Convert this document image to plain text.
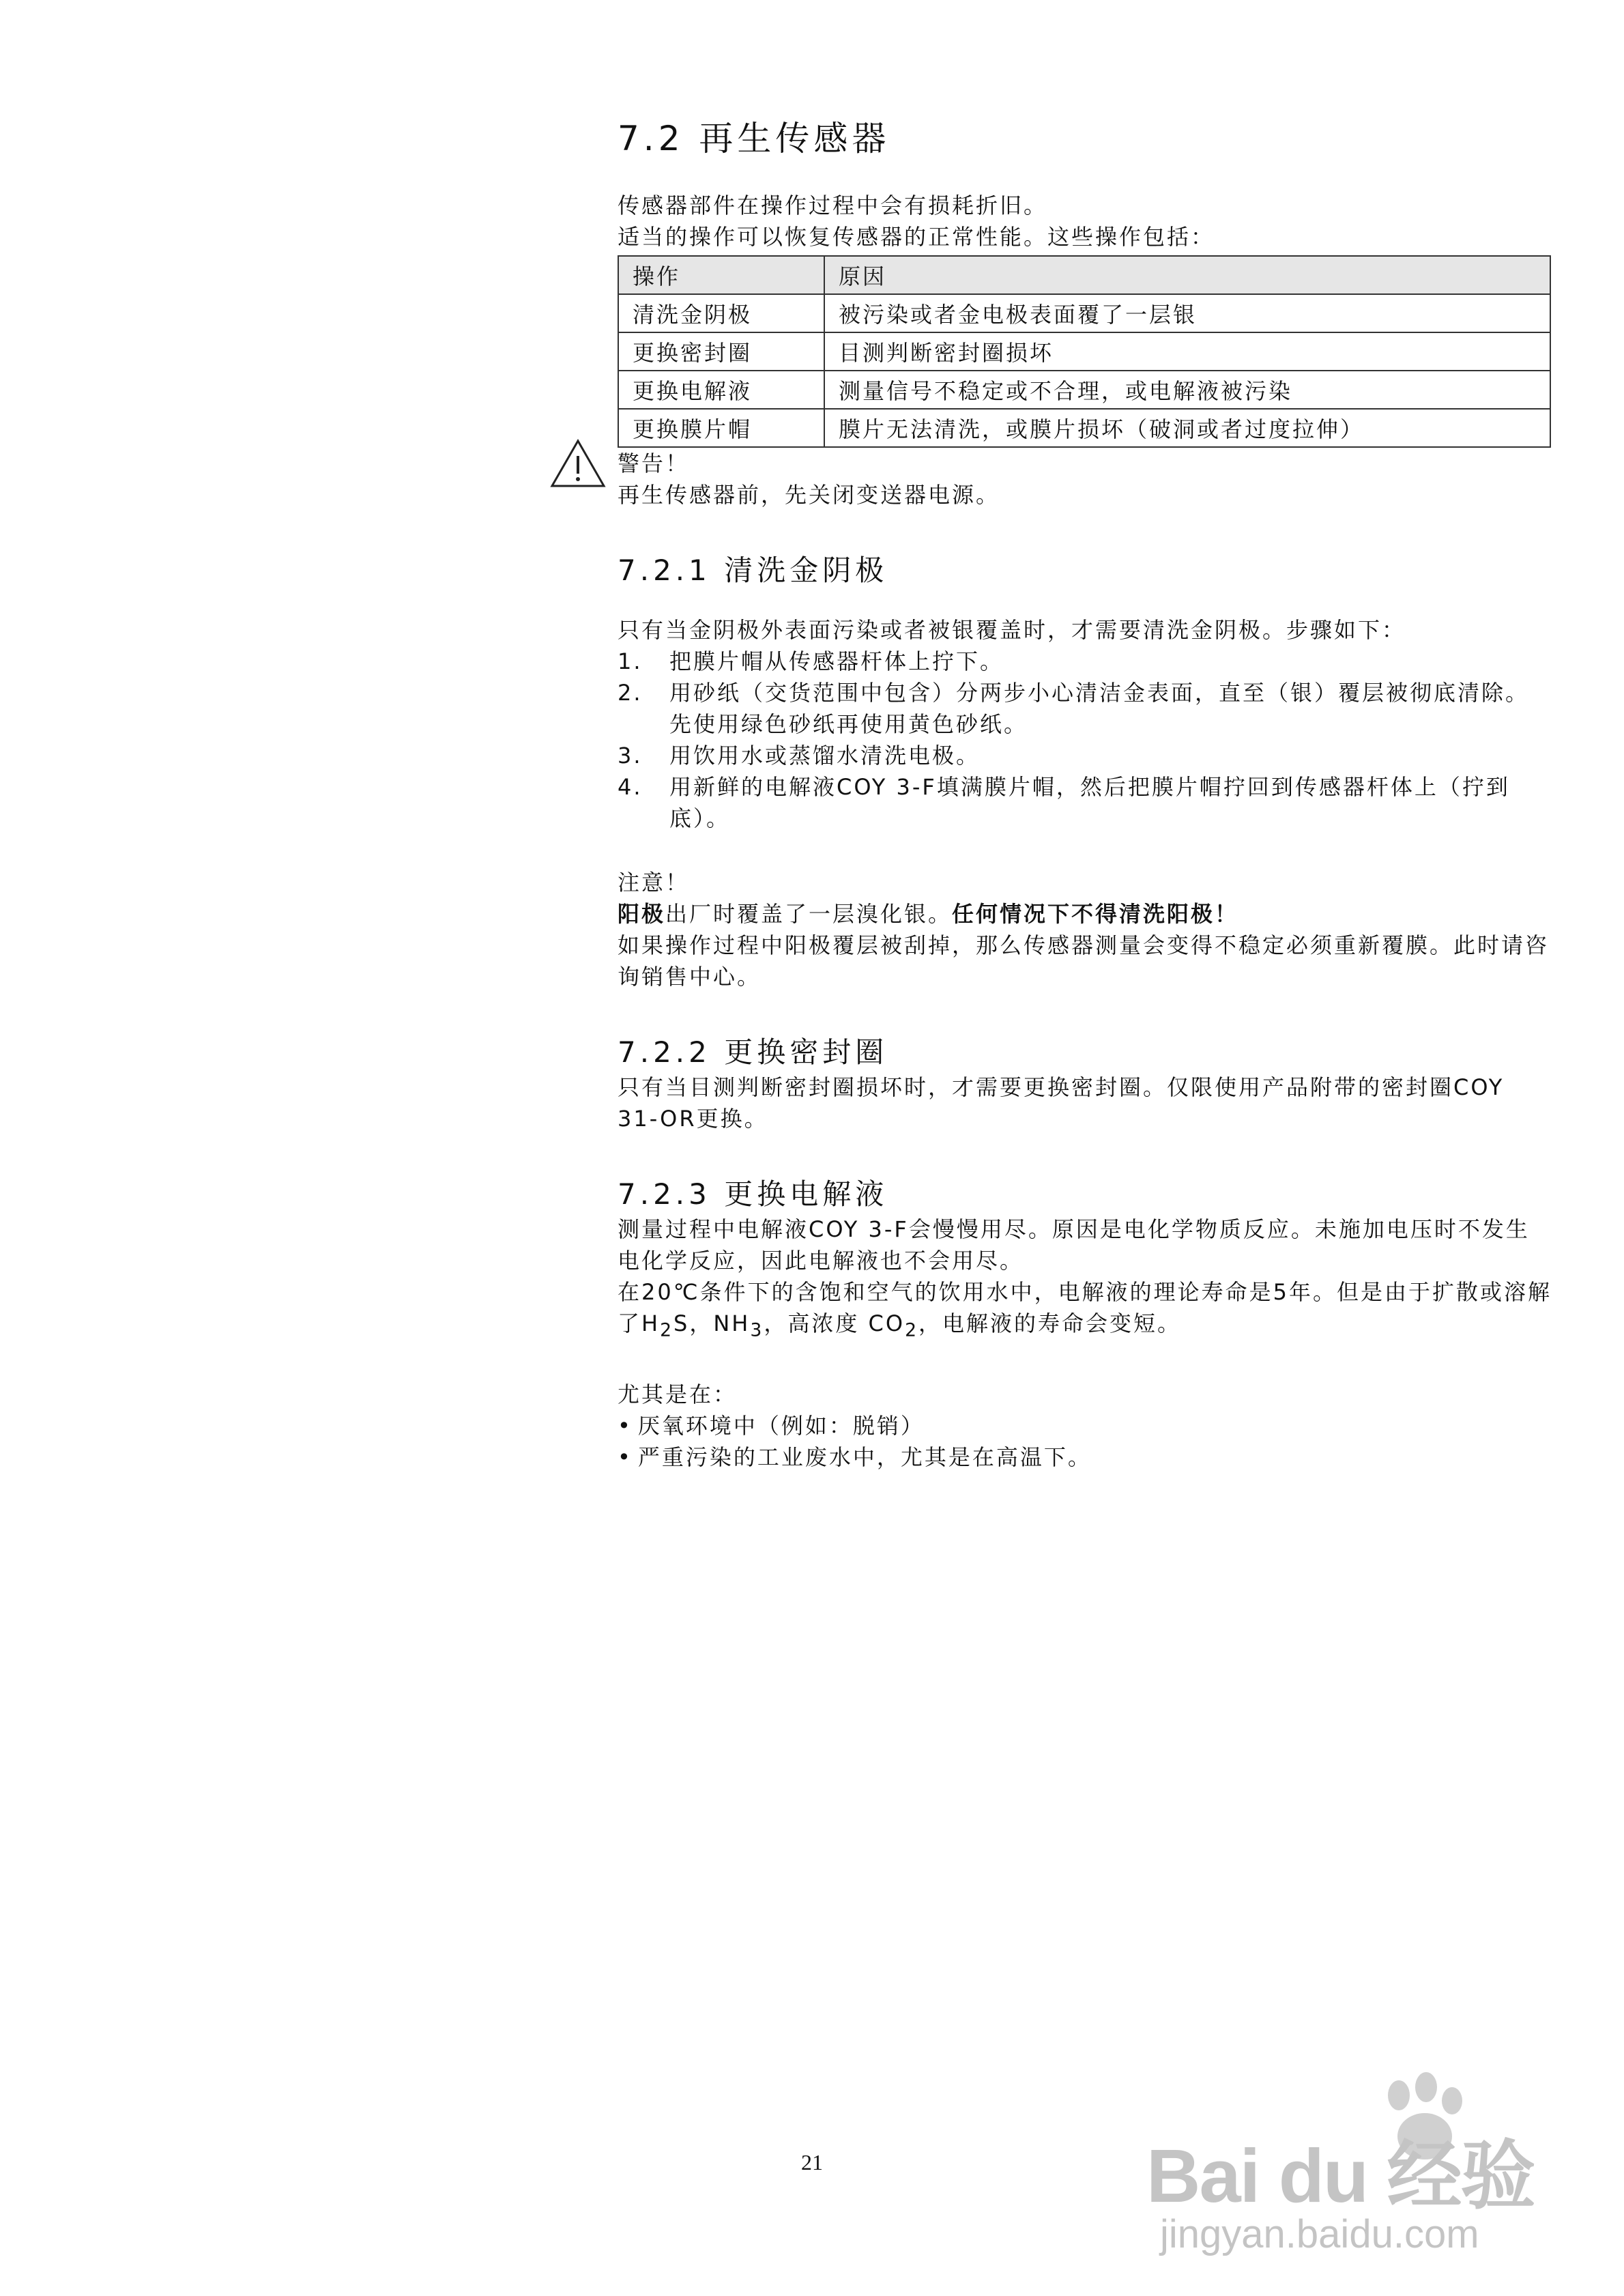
7.2 再生传感器

传感器部件在操作过程中会有损耗折旧。

适当的操作可以恢复传感器的正常性能。这些操作包括：

操作	原因
清洗金阴极	被污染或者金电极表面覆了一层银
更换密封圈	目测判断密封圈损坏
更换电解液	测量信号不稳定或不合理，或电解液被污染
更换膜片帽	膜片无法清洗，或膜片损坏（破洞或者过度拉伸）

警告！

再生传感器前，先关闭变送器电源。

7.2.1 清洗金阴极

只有当金阴极外表面污染或者被银覆盖时，才需要清洗金阴极。步骤如下：

1. 把膜片帽从传感器杆体上拧下。
2. 用砂纸（交货范围中包含）分两步小心清洁金表面，直至（银）覆层被彻底清除。先使用绿色砂纸再使用黄色砂纸。
3. 用饮用水或蒸馏水清洗电极。
4. 用新鲜的电解液COY 3-F填满膜片帽，然后把膜片帽拧回到传感器杆体上（拧到底）。

注意！

阳极出厂时覆盖了一层溴化银。任何情况下不得清洗阳极！

如果操作过程中阳极覆层被刮掉，那么传感器测量会变得不稳定必须重新覆膜。此时请咨询销售中心。

7.2.2 更换密封圈

只有当目测判断密封圈损坏时，才需要更换密封圈。仅限使用产品附带的密封圈COY 31-OR更换。

7.2.3 更换电解液

测量过程中电解液COY 3-F会慢慢用尽。原因是电化学物质反应。未施加电压时不发生电化学反应，因此电解液也不会用尽。

在20℃条件下的含饱和空气的饮用水中，电解液的理论寿命是5年。但是由于扩散或溶解了$H_2S$，$NH_3$，高浓度 $CO_2$，电解液的寿命会变短。

尤其是在：

• 厌氧环境中（例如：脱销）
• 严重污染的工业废水中，尤其是在高温下。
21	Bai du 经验
jingyan.baidu.com
